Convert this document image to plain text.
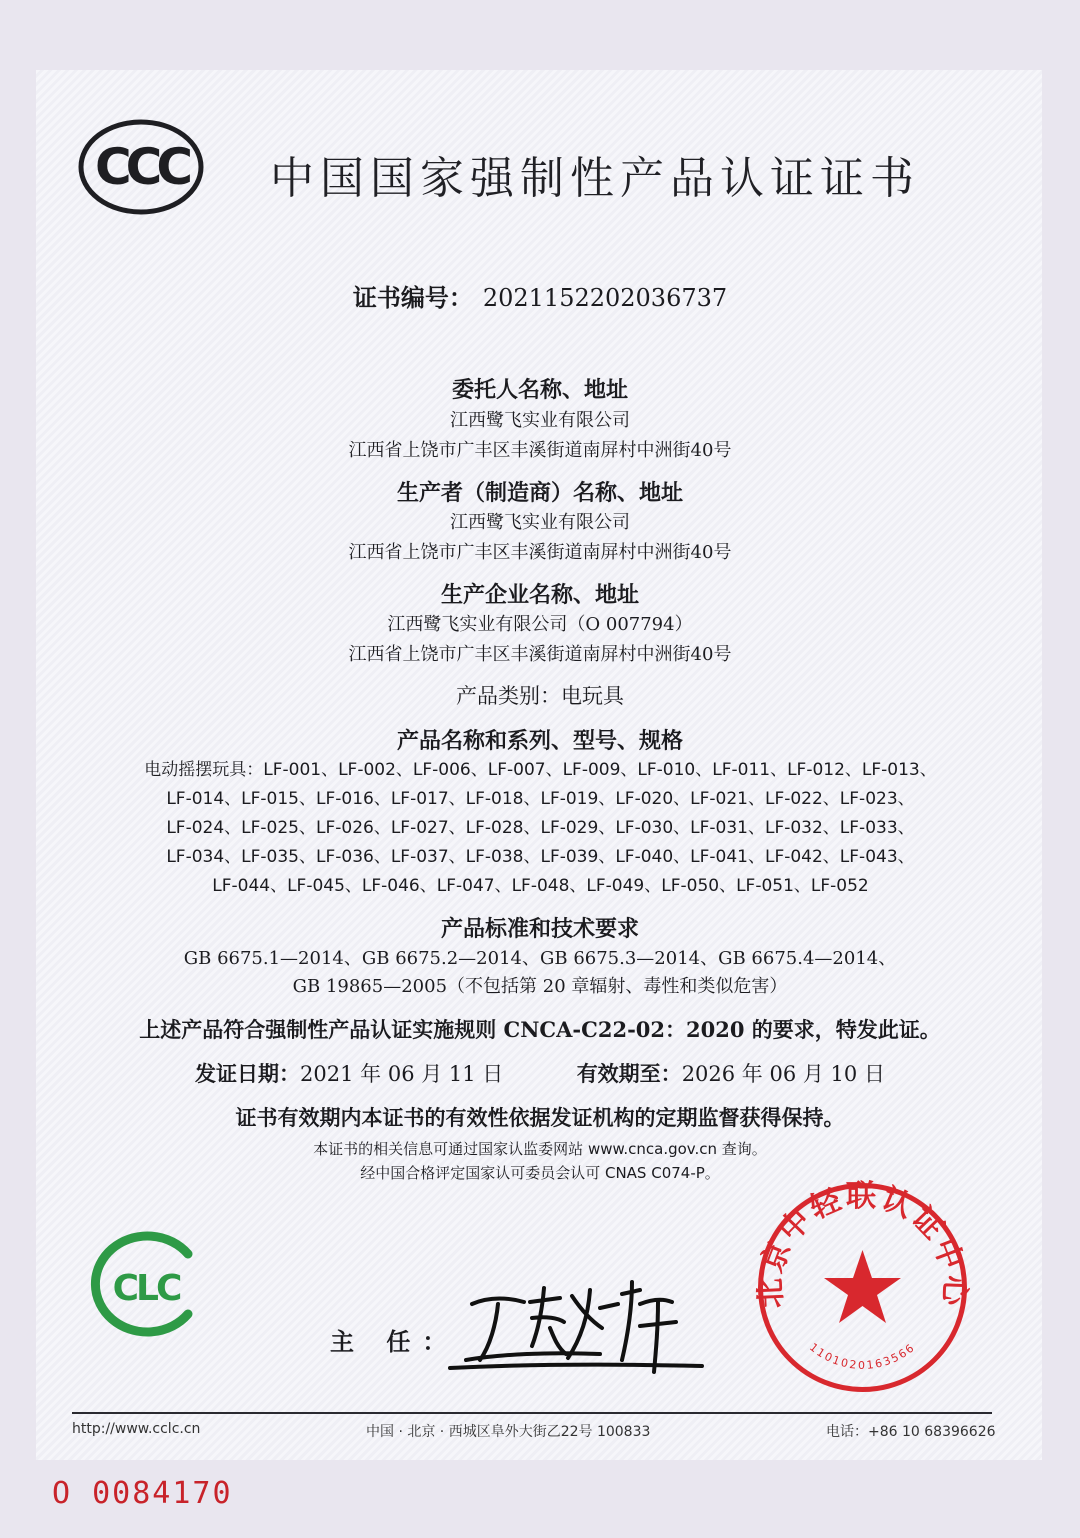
CCC 中国国家强制性产品认证证书
证书编号： 2021152202036737
委托人名称、地址
江西鹭飞实业有限公司
江西省上饶市广丰区丰溪街道南屏村中洲街40号
生产者（制造商）名称、地址
江西鹭飞实业有限公司
江西省上饶市广丰区丰溪街道南屏村中洲街40号
生产企业名称、地址
江西鹭飞实业有限公司（O 007794）
江西省上饶市广丰区丰溪街道南屏村中洲街40号
产品类别：电玩具
产品名称和系列、型号、规格
电动摇摆玩具：LF-001、LF-002、LF-006、LF-007、LF-009、LF-010、LF-011、LF-012、LF-013、
LF-014、LF-015、LF-016、LF-017、LF-018、LF-019、LF-020、LF-021、LF-022、LF-023、
LF-024、LF-025、LF-026、LF-027、LF-028、LF-029、LF-030、LF-031、LF-032、LF-033、
LF-034、LF-035、LF-036、LF-037、LF-038、LF-039、LF-040、LF-041、LF-042、LF-043、
LF-044、LF-045、LF-046、LF-047、LF-048、LF-049、LF-050、LF-051、LF-052
产品标准和技术要求
GB 6675.1—2014、GB 6675.2—2014、GB 6675.3—2014、GB 6675.4—2014、
GB 19865—2005（不包括第 20 章辐射、毒性和类似危害）
上述产品符合强制性产品认证实施规则 CNCA-C22-02：2020 的要求，特发此证。
发证日期：2021 年 06 月 11 日	有效期至：2026 年 06 月 10 日
证书有效期内本证书的有效性依据发证机构的定期监督获得保持。
本证书的相关信息可通过国家认监委网站 www.cnca.gov.cn 查询。
经中国合格评定国家认可委员会认可 CNAS C074-P。
CLC
主 任：
北京中轻联认证中心
1101020163566
http://www.cclc.cn	中国 · 北京 · 西城区阜外大街乙22号 100833	电话：+86 10 68396626
O 0084170
